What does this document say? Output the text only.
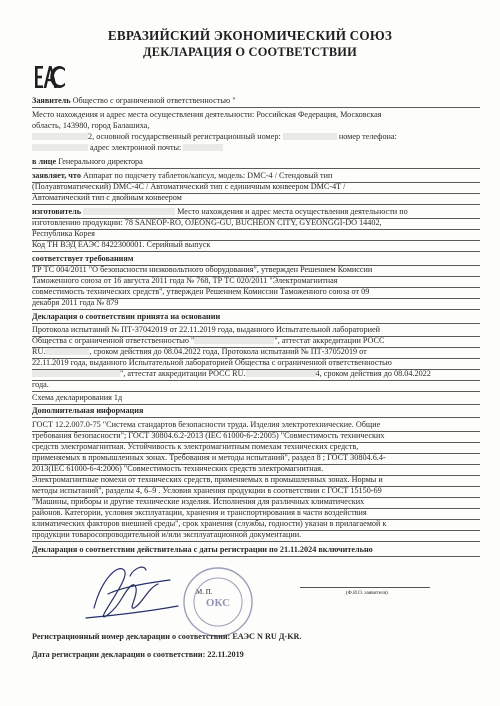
ЕВРАЗИЙСКИЙ ЭКОНОМИЧЕСКИЙ СОЮЗ
ДЕКЛАРАЦИЯ О СООТВЕТСТВИИ
Заявитель Общество с ограниченной ответственностью "
Место нахождения и адрес места осуществления деятельности: Российская Федерация, Московская
область, 143980, город Балашиха,
2, основной государственный регистрационный номер:	номер телефона:
адрес электронной почты:
в лице Генерального директора
заявляет, что Аппарат по подсчету таблеток/капсул, модель: DMC-4 / Стендовый тип
(Полуавтоматический) DMC-4С / Автоматический тип с единичным конвеером DMC-4T /
Автоматический тип с двойным конвеером
изготовитель	Место нахождения и адрес места осуществления деятельности по
изготовлению продукции: 78 SANEOP-RO, OJEONG-GU, BUCHEON CITY, GYEONGGI-DO 14402,
Республика Корея
Код ТН ВЭД ЕАЭС 8422300001. Серийный выпуск
соответствует требованиям
ТР ТС 004/2011 "О безопасности низковольтного оборудования", утвержден Решением Комиссии
Таможенного союза от 16 августа 2011 года № 768, ТР ТС 020/2011 "Электромагнитная
совместимость технических средств", утвержден Решением Комиссии Таможенного союза от 09
декабря 2011 года № 879
Декларация о соответствии принята на основании
Протокола испытаний № ПТ-37042019 от 22.11.2019 года, выданного Испытательной лабораторией
Общества с ограниченной ответственностью "	", аттестат аккредитации РОСС
RU.	, сроком действия до 08.04.2022 года, Протокола испытаний № ПТ-37052019 от
22.11.2019 года, выданного Испытательной лабораторией Общества с ограниченной ответственностью
", аттестат аккредитации РОСС RU.	4, сроком действия до 08.04.2022
года.
Схема декларирования 1д
Дополнительная информация
ГОСТ 12.2.007.0-75 "Система стандартов безопасности труда. Изделия электротехнические. Общие
требования безопасности"; ГОСТ 30804.6.2-2013 (IEC 61000-6-2:2005) "Совместимость технических
средств электромагнитная. Устойчивость к электромагнитным помехам технических средств,
применяемых в промышленных зонах. Требования и методы испытаний", раздел 8 ; ГОСТ 30804.6.4-
2013(IEC 61000-6-4:2006) "Совместимость технических средств электромагнитная.
Электромагнитные помехи от технических средств, применяемых в промышленных зонах. Нормы и
методы испытаний", разделы 4, 6–9 . Условия хранения продукции в соответствии с ГОСТ 15150-69
"Машины, приборы и другие технические изделия. Исполнения для различных климатических
районов. Категории, условия эксплуатации, хранения и транспортирования в части воздействия
климатических факторов внешней среды", срок хранения (службы, годности) указан в прилагаемой к
продукции товаросопроводительной и/или эксплуатационной документации.
Декларация о соответствии действительна с даты регистрации по 21.11.2024 включительно
М. П.
ОКС
(Ф.И.О. заявителя)
Регистрационный номер декларации о соответствии: ЕАЭС N RU Д-KR.
Дата регистрации декларации о соответствии: 22.11.2019
